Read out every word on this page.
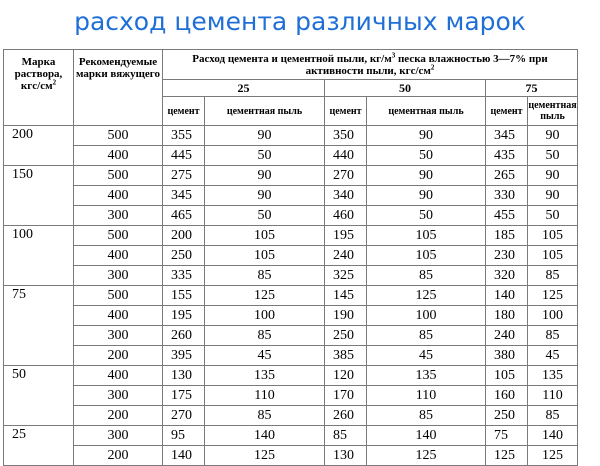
расход цемента различных марок
Марка раствора, кгс/$см^2$	Рекомендуемые марки вяжущего	Расход цемента и цементной пыли, $кг/м^3$ песка влажностью 3—7% при активности пыли, кгс/$см^2$
		25		50		75	
		цемент	цементная пыль	цемент	цементная пыль	цемент	цементная пыль
200	500	355	90	350	90	345	90
	400	445	50	440	50	435	50
150	500	275	90	270	90	265	90
	400	345	90	340	90	330	90
	300	465	50	460	50	455	50
100	500	200	105	195	105	185	105
	400	250	105	240	105	230	105
	300	335	85	325	85	320	85
75	500	155	125	145	125	140	125
	400	195	100	190	100	180	100
	300	260	85	250	85	240	85
	200	395	45	385	45	380	45
50	400	130	135	120	135	105	135
	300	175	110	170	110	160	110
	200	270	85	260	85	250	85
25	300	95	140	85	140	75	140
	200	140	125	130	125	125	125
